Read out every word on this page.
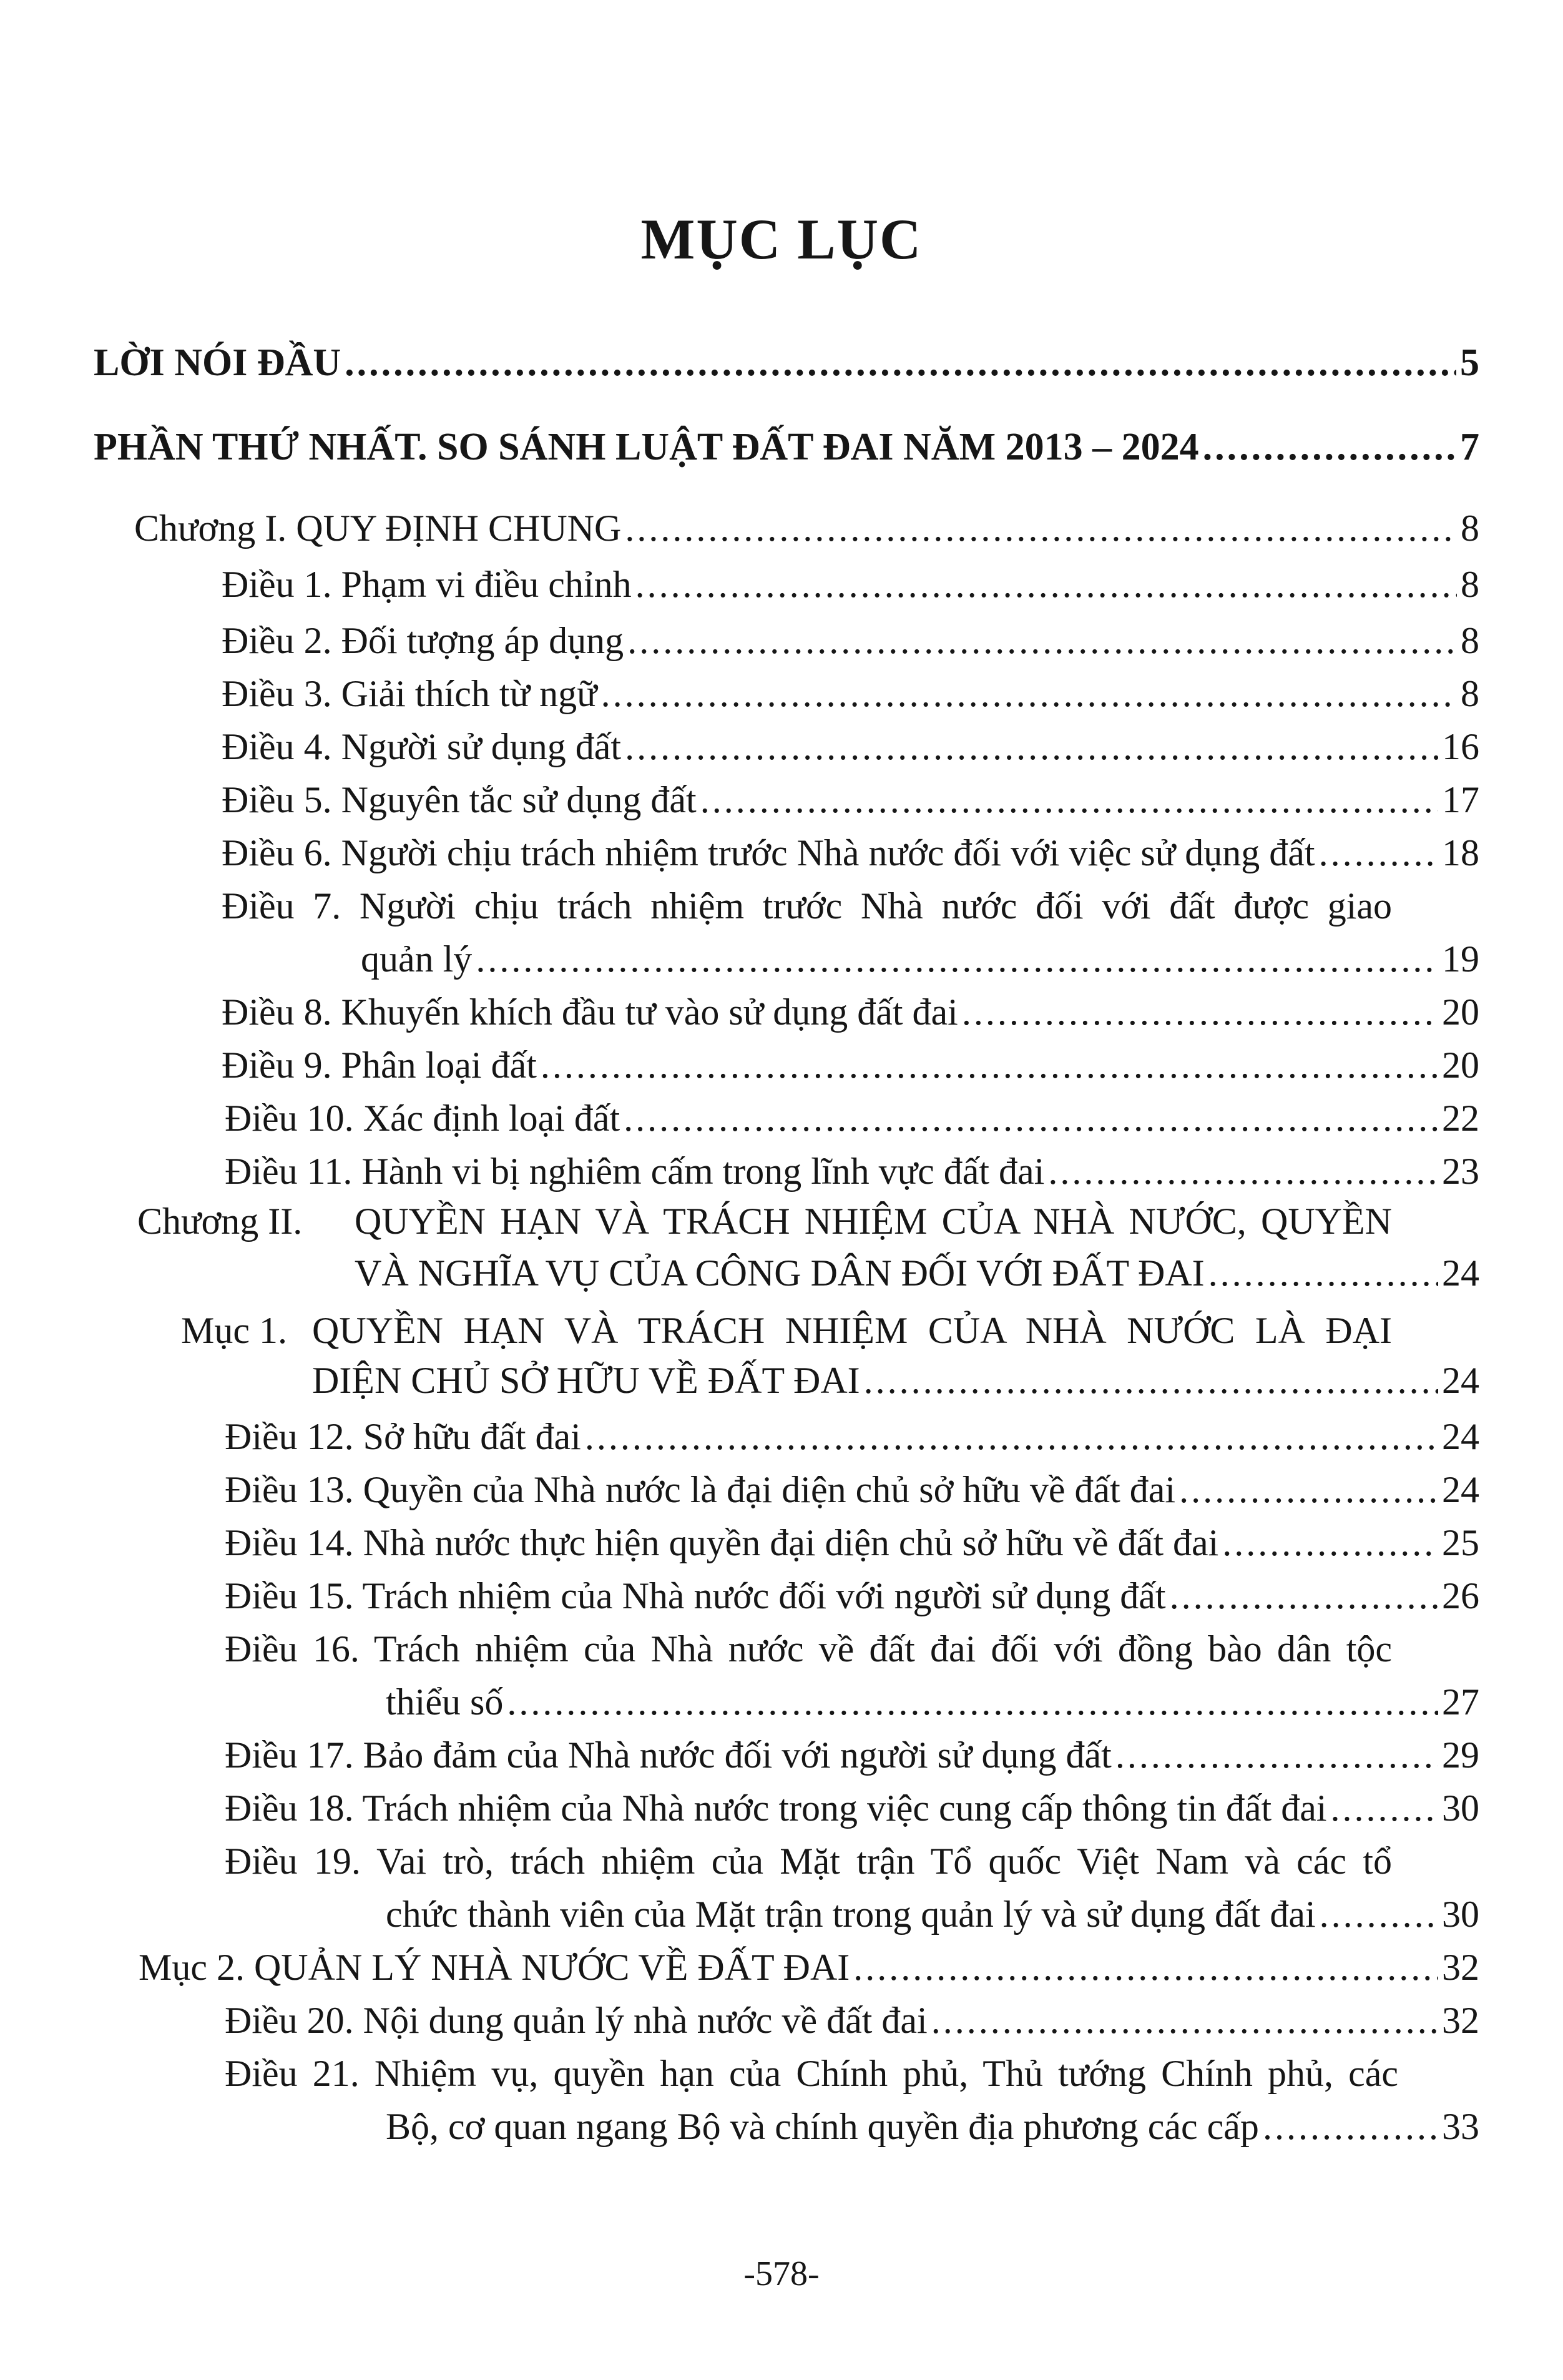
MỤC LỤC
LỜI NÓI ĐẦU .....	5
PHẦN THỨ NHẤT. SO SÁNH LUẬT ĐẤT ĐAI NĂM 2013 – 2024 .....	7
Chương I. QUY ĐỊNH CHUNG .....	8
Điều 1. Phạm vi điều chỉnh .....	8
Điều 2. Đối tượng áp dụng .....	8
Điều 3. Giải thích từ ngữ .....	8
Điều 4. Người sử dụng đất .....	16
Điều 5. Nguyên tắc sử dụng đất .....	17
Điều 6. Người chịu trách nhiệm trước Nhà nước đối với việc sử dụng đất .....	18
Điều 7. Người chịu trách nhiệm trước Nhà nước đối với đất được giao
quản lý .....	19
Điều 8. Khuyến khích đầu tư vào sử dụng đất đai .....	20
Điều 9. Phân loại đất .....	20
Điều 10. Xác định loại đất .....	22
Điều 11. Hành vi bị nghiêm cấm trong lĩnh vực đất đai .....	23
Chương II. QUYỀN HẠN VÀ TRÁCH NHIỆM CỦA NHÀ NƯỚC, QUYỀN
VÀ NGHĨA VỤ CỦA CÔNG DÂN ĐỐI VỚI ĐẤT ĐAI .....	24
Mục 1. QUYỀN HẠN VÀ TRÁCH NHIỆM CỦA NHÀ NƯỚC LÀ ĐẠI
DIỆN CHỦ SỞ HỮU VỀ ĐẤT ĐAI .....	24
Điều 12. Sở hữu đất đai .....	24
Điều 13. Quyền của Nhà nước là đại diện chủ sở hữu về đất đai .....	24
Điều 14. Nhà nước thực hiện quyền đại diện chủ sở hữu về đất đai .....	25
Điều 15. Trách nhiệm của Nhà nước đối với người sử dụng đất .....	26
Điều 16. Trách nhiệm của Nhà nước về đất đai đối với đồng bào dân tộc
thiểu số .....	27
Điều 17. Bảo đảm của Nhà nước đối với người sử dụng đất .....	29
Điều 18. Trách nhiệm của Nhà nước trong việc cung cấp thông tin đất đai .....	30
Điều 19. Vai trò, trách nhiệm của Mặt trận Tổ quốc Việt Nam và các tổ
chức thành viên của Mặt trận trong quản lý và sử dụng đất đai .....	30
Mục 2. QUẢN LÝ NHÀ NƯỚC VỀ ĐẤT ĐAI .....	32
Điều 20. Nội dung quản lý nhà nước về đất đai .....	32
Điều 21. Nhiệm vụ, quyền hạn của Chính phủ, Thủ tướng Chính phủ, các
Bộ, cơ quan ngang Bộ và chính quyền địa phương các cấp .....	33
-578-
